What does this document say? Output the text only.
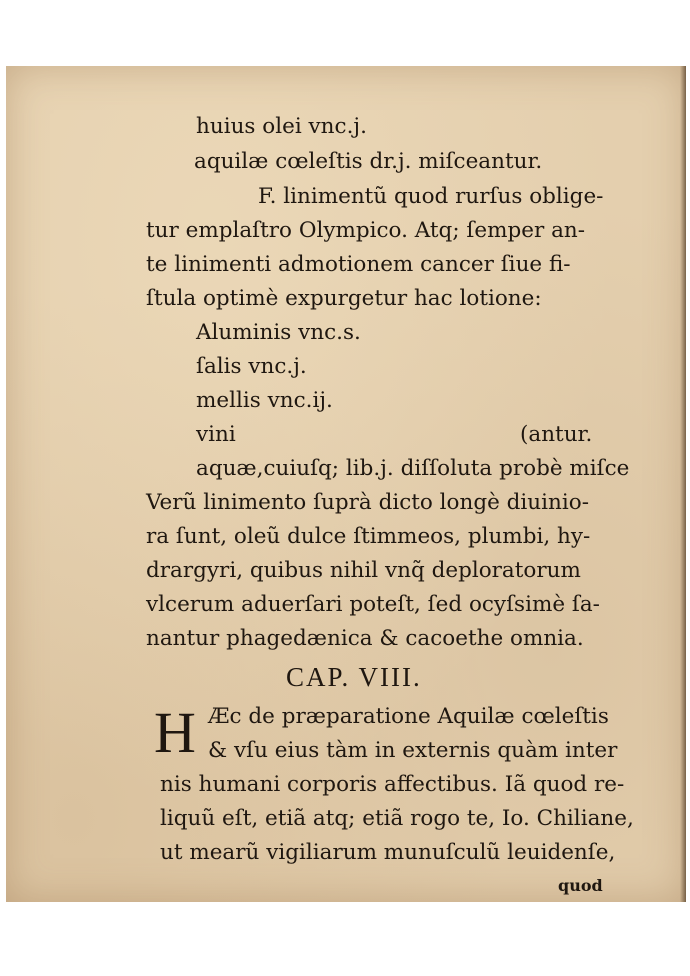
huius olei vnc.j.
aquilæ cœleſtis dr.j. miſceantur.
F. linimentũ quod rurſus oblige-
tur emplaſtro Olympico. Atq; ſemper an-
te linimenti admotionem cancer ſiue fi-
ſtula optimè expurgetur hac lotione:
Aluminis vnc.s.
ſalis vnc.j.
mellis vnc.ij.
vini	(antur.
aquæ,cuiuſq; lib.j. diſſoluta probè miſce
Verũ linimento ſuprà dicto longè diuinio-
ra ſunt, oleũ dulce ſtimmeos, plumbi, hy-
drargyri, quibus nihil vnq̃ deploratorum
vlcerum aduerſari poteſt, ſed ocyſsimè ſa-
nantur phagedænica & cacoethe omnia.
CAP. VIII.
H Æc de præparatione Aquilæ cœleſtis
& vſu eius tàm in externis quàm inter
nis humani corporis affectibus. Iã quod re-
liquũ eſt, etiã atq; etiã rogo te, Io. Chiliane,
ut mearũ vigiliarum munuſculũ leuidenſe,
quod
